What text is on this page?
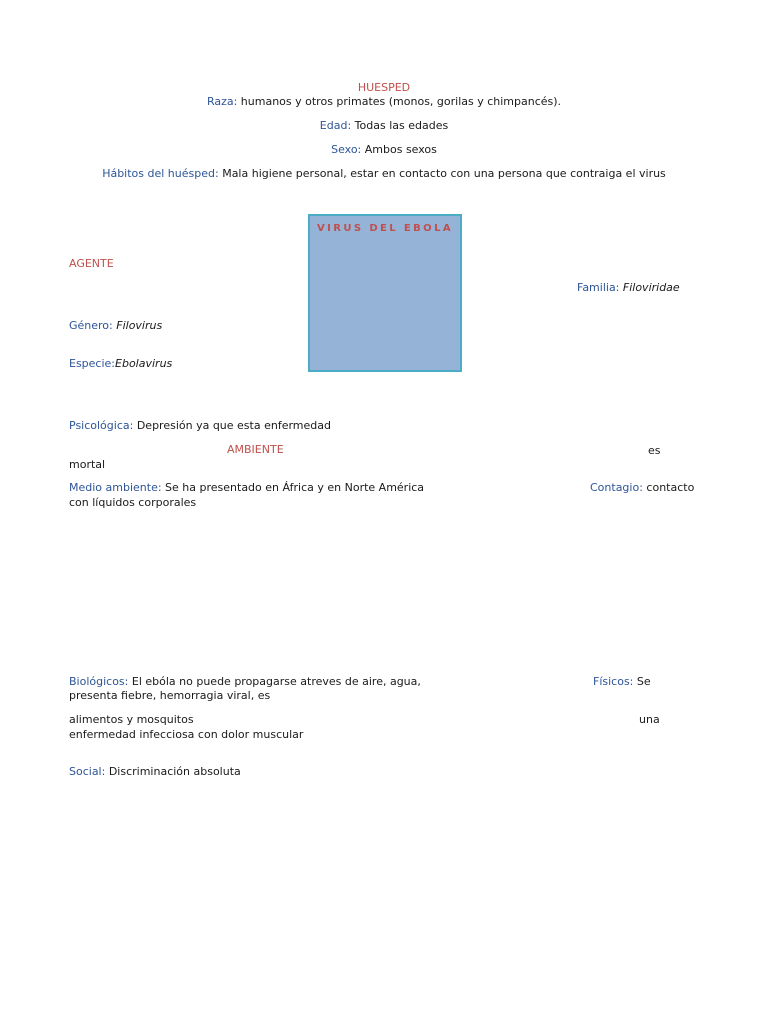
HUESPED
Raza: humanos y otros primates (monos, gorilas y chimpancés).
Edad: Todas las edades
Sexo: Ambos sexos
Hábitos del huésped: Mala higiene personal, estar en contacto con una persona que contraiga el virus
VIRUS DEL EBOLA
AGENTE
Familia: Filoviridae
Género: Filovirus
Especie:Ebolavirus
Psicológica: Depresión ya que esta enfermedad
AMBIENTE	es
mortal
Medio ambiente: Se ha presentado en África y en Norte América	Contagio: contacto
con líquidos corporales
Biológicos: El ebóla no puede propagarse atreves de aire, agua,	Físicos: Se
presenta fiebre, hemorragia viral, es
alimentos y mosquitos	una
enfermedad infecciosa con dolor muscular
Social: Discriminación absoluta
